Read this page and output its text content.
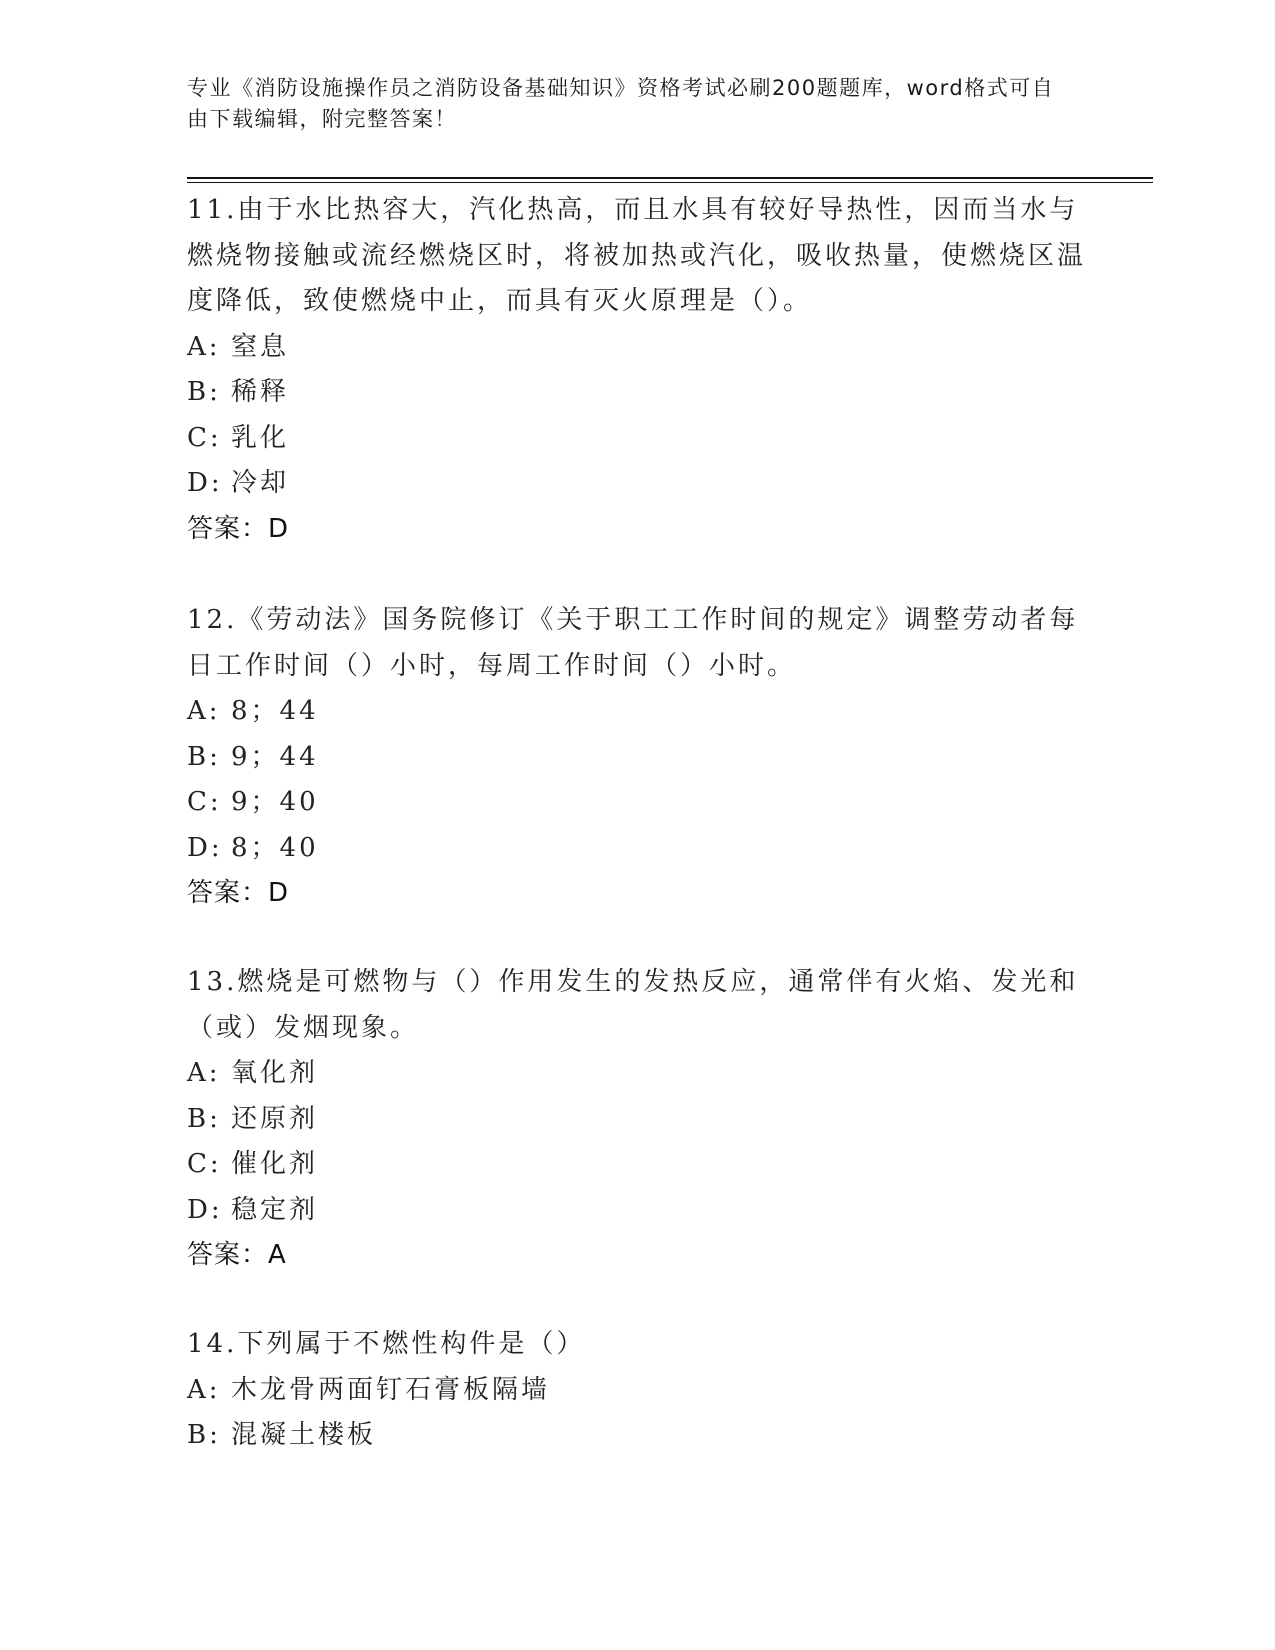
专业《消防设施操作员之消防设备基础知识》资格考试必刷200题题库，word格式可自由下载编辑，附完整答案！

11.由于水比热容大，汽化热高，而且水具有较好导热性，因而当水与燃烧物接触或流经燃烧区时，将被加热或汽化，吸收热量，使燃烧区温度降低，致使燃烧中止，而具有灭火原理是（）。

A: 窒息

B: 稀释

C: 乳化

D: 冷却

答案：D

12.《劳动法》国务院修订《关于职工工作时间的规定》调整劳动者每日工作时间（）小时，每周工作时间（）小时。

A: 8；44

B: 9；44

C: 9；40

D: 8；40

答案：D

13.燃烧是可燃物与（）作用发生的发热反应，通常伴有火焰、发光和（或）发烟现象。

A: 氧化剂

B: 还原剂

C: 催化剂

D: 稳定剂

答案：A

14.下列属于不燃性构件是（）

A: 木龙骨两面钉石膏板隔墙

B: 混凝土楼板
